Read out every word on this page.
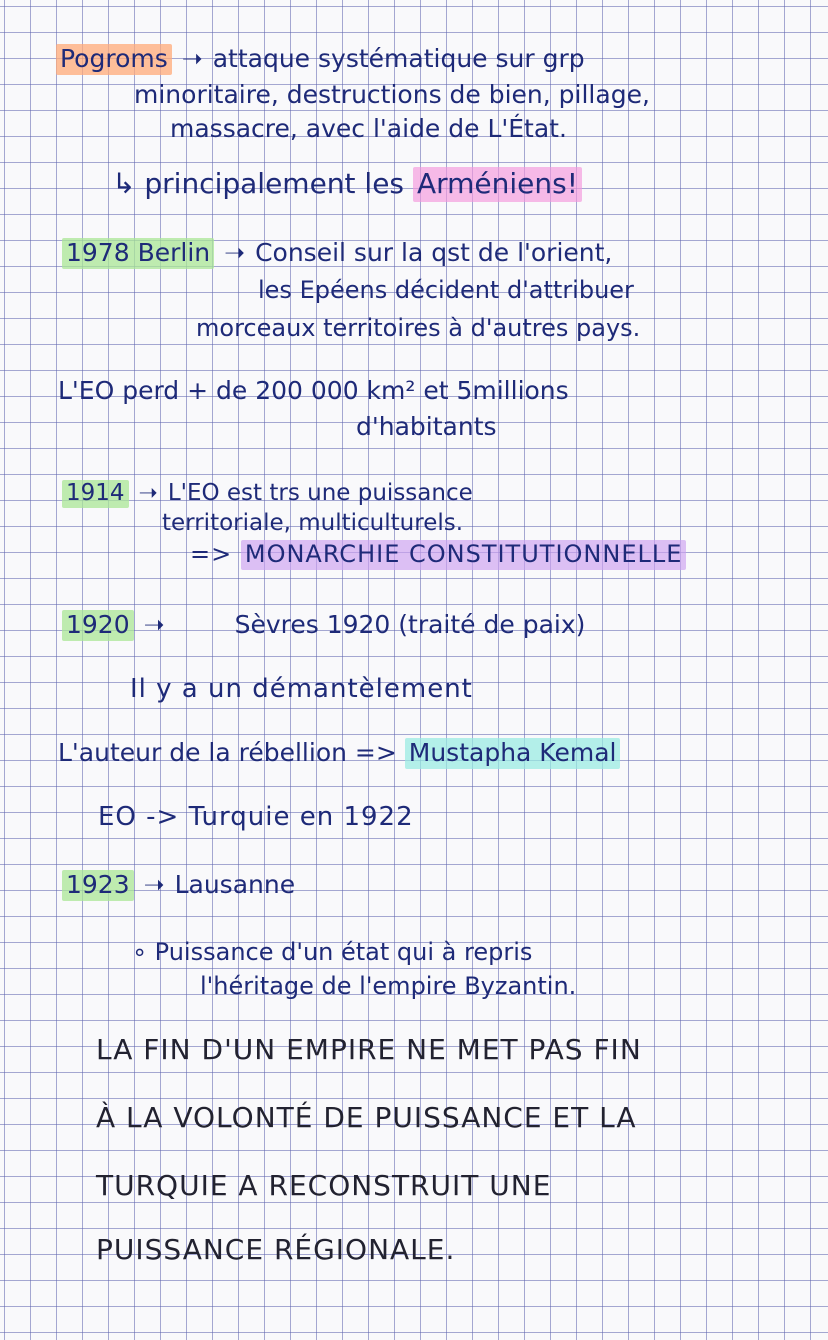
Pogroms ➝ attaque systématique sur grp
minoritaire, destructions de bien, pillage,
massacre, avec l'aide de L'État.
↳ principalement les Arméniens!
1978 Berlin ➝ Conseil sur la qst de l'orient,
les Epéens décident d'attribuer
morceaux territoires à d'autres pays.
L'EO perd + de 200 000 km² et 5millions
d'habitants
1914 ➝ L'EO est trs une puissance
territoriale, multiculturels.
=> MONARCHIE CONSTITUTIONNELLE
1920 ➝	Sèvres 1920 (traité de paix)
Il y a un démantèlement
L'auteur de la rébellion => Mustapha Kemal
EO -> Turquie en 1922
1923 ➝ Lausanne
∘ Puissance d'un état qui à repris
l'héritage de l'empire Byzantin.
LA FIN D'UN EMPIRE NE MET PAS FIN
À LA VOLONTÉ DE PUISSANCE ET LA
TURQUIE A RECONSTRUIT UNE
PUISSANCE RÉGIONALE.
